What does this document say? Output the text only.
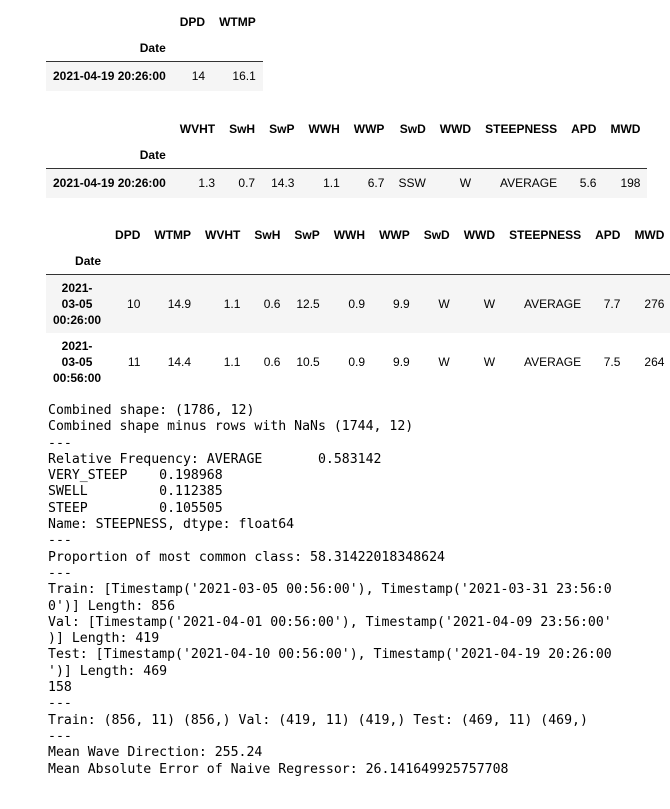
	DPD	WTMP
Date		
2021-04-19 20:26:00	14	16.1
	WVHT	SwH	SwP	WWH	WWP	SwD	WWD	STEEPNESS	APD	MWD
Date										
2021-04-19 20:26:00	1.3	0.7	14.3	1.1	6.7	SSW	W	AVERAGE	5.6	198
	DPD	WTMP	WVHT	SwH	SwP	WWH	WWP	SwD	WWD	STEEPNESS	APD	MWD
Date												

2021-
03-05
00:26:00	10	14.9	1.1	0.6	12.5	0.9	9.9	W	W	AVERAGE	7.7	276

2021-
03-05
00:56:00	11	14.4	1.1	0.6	10.5	0.9	9.9	W	W	AVERAGE	7.5	264
Combined shape: (1786, 12)
Combined shape minus rows with NaNs (1744, 12)
---
Relative Frequency: AVERAGE       0.583142
VERY_STEEP    0.198968
SWELL         0.112385
STEEP         0.105505
Name: STEEPNESS, dtype: float64
---
Proportion of most common class: 58.31422018348624
---
Train: [Timestamp('2021-03-05 00:56:00'), Timestamp('2021-03-31 23:56:0
0')] Length: 856
Val: [Timestamp('2021-04-01 00:56:00'), Timestamp('2021-04-09 23:56:00'
)] Length: 419
Test: [Timestamp('2021-04-10 00:56:00'), Timestamp('2021-04-19 20:26:00
')] Length: 469
158
---
Train: (856, 11) (856,) Val: (419, 11) (419,) Test: (469, 11) (469,)
---
Mean Wave Direction: 255.24
Mean Absolute Error of Naive Regressor: 26.141649925757708
